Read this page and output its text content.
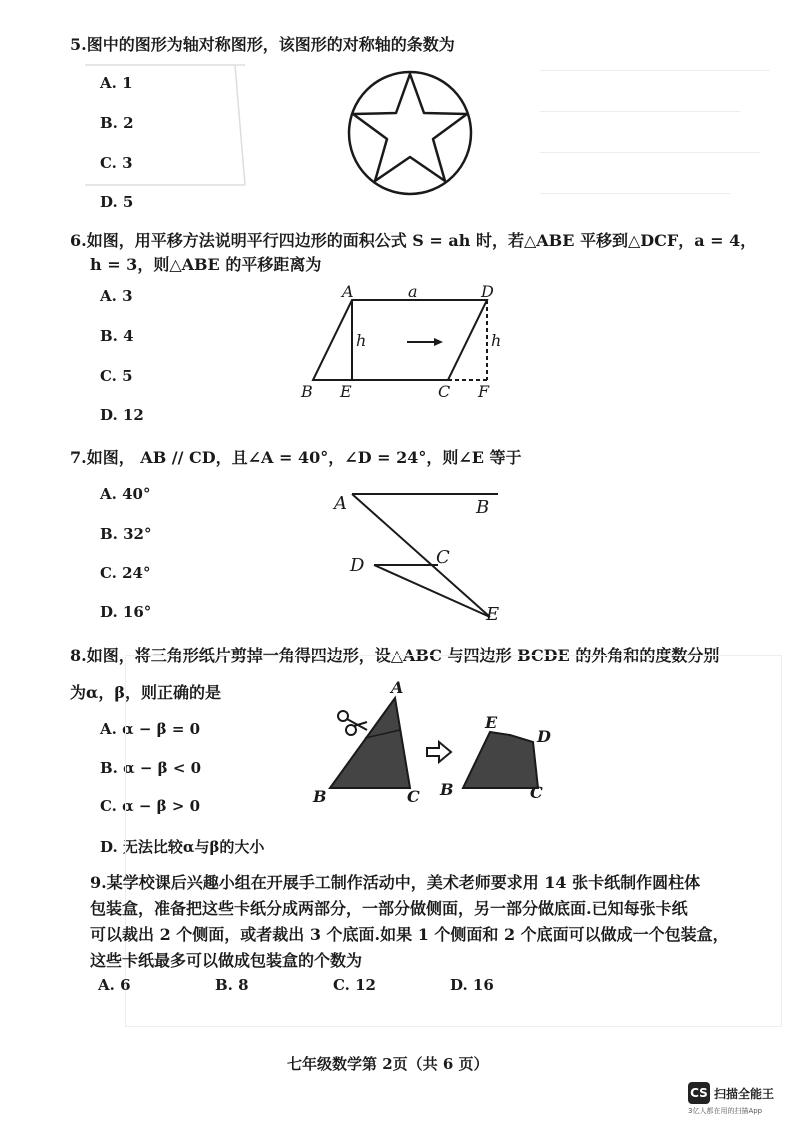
5.图中的图形为轴对称图形，该图形的对称轴的条数为
A. 1
B. 2
C. 3
D. 5
6.如图，用平移方法说明平行四边形的面积公式 S = ah 时，若△ABE 平移到△DCF，a = 4，
h = 3，则△ABE 的平移距离为
A. 3
B. 4
C. 5
D. 12
A	a	D
h	h
B E	C F
7.如图， AB // CD，且∠A = 40°，∠D = 24°，则∠E 等于
A. 40°
B. 32°
C. 24°
D. 16°
A	B
D	C
E
8.如图，将三角形纸片剪掉一角得四边形，设△ABC 与四边形 BCDE 的外角和的度数分别
为α，β，则正确的是
A. α − β = 0
B. α − β < 0
C. α − β > 0
D. 无法比较α与β的大小
A
B	C
E
D
B	C
9.某学校课后兴趣小组在开展手工制作活动中，美术老师要求用 14 张卡纸制作圆柱体
包装盒，准备把这些卡纸分成两部分，一部分做侧面，另一部分做底面.已知每张卡纸
可以裁出 2 个侧面，或者裁出 3 个底面.如果 1 个侧面和 2 个底面可以做成一个包装盒，
这些卡纸最多可以做成包装盒的个数为
A. 6	B. 8	C. 12	D. 16
七年级数学第 2页（共 6 页）
CS 扫描全能王
3亿人都在用的扫描App
